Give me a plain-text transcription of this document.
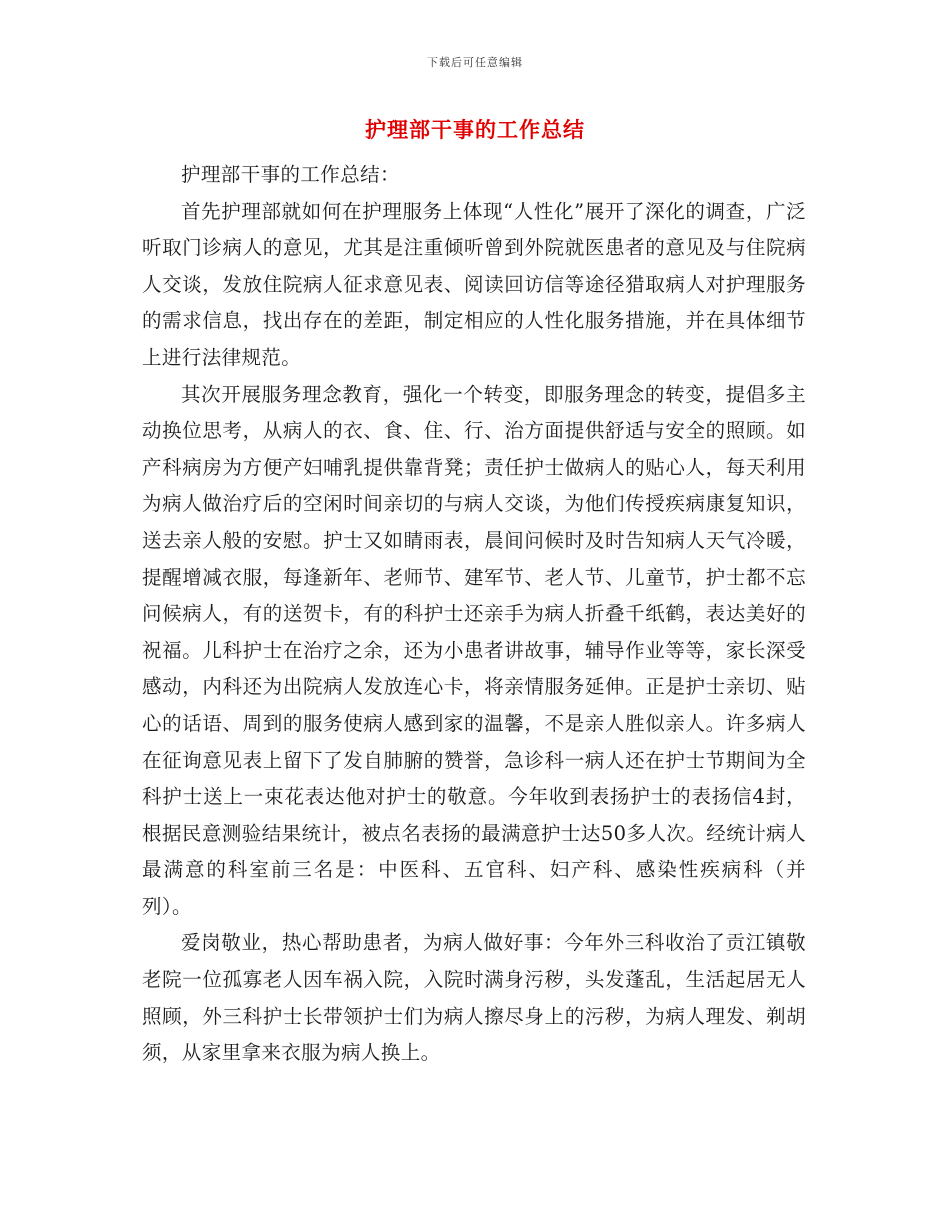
下载后可任意编辑
护理部干事的工作总结

护理部干事的工作总结：

首先护理部就如何在护理服务上体现“人性化”展开了深化的调查，广泛听取门诊病人的意见，尤其是注重倾听曾到外院就医患者的意见及与住院病人交谈，发放住院病人征求意见表、阅读回访信等途径猎取病人对护理服务的需求信息，找出存在的差距，制定相应的人性化服务措施，并在具体细节上进行法律规范。

其次开展服务理念教育，强化一个转变，即服务理念的转变，提倡多主动换位思考，从病人的衣、食、住、行、治方面提供舒适与安全的照顾。如产科病房为方便产妇哺乳提供靠背凳；责任护士做病人的贴心人，每天利用为病人做治疗后的空闲时间亲切的与病人交谈，为他们传授疾病康复知识，送去亲人般的安慰。护士又如睛雨表，晨间问候时及时告知病人天气冷暖，提醒增减衣服，每逢新年、老师节、建军节、老人节、儿童节，护士都不忘问候病人，有的送贺卡，有的科护士还亲手为病人折叠千纸鹤，表达美好的祝福。儿科护士在治疗之余，还为小患者讲故事，辅导作业等等，家长深受感动，内科还为出院病人发放连心卡，将亲情服务延伸。正是护士亲切、贴心的话语、周到的服务使病人感到家的温馨，不是亲人胜似亲人。许多病人在征询意见表上留下了发自肺腑的赞誉，急诊科一病人还在护士节期间为全科护士送上一束花表达他对护士的敬意。今年收到表扬护士的表扬信4封，根据民意测验结果统计，被点名表扬的最满意护士达50多人次。经统计病人最满意的科室前三名是：中医科、五官科、妇产科、感染性疾病科（并列）。

爱岗敬业，热心帮助患者，为病人做好事：今年外三科收治了贡江镇敬老院一位孤寡老人因车祸入院，入院时满身污秽，头发蓬乱，生活起居无人照顾，外三科护士长带领护士们为病人擦尽身上的污秽，为病人理发、剃胡须，从家里拿来衣服为病人换上。
